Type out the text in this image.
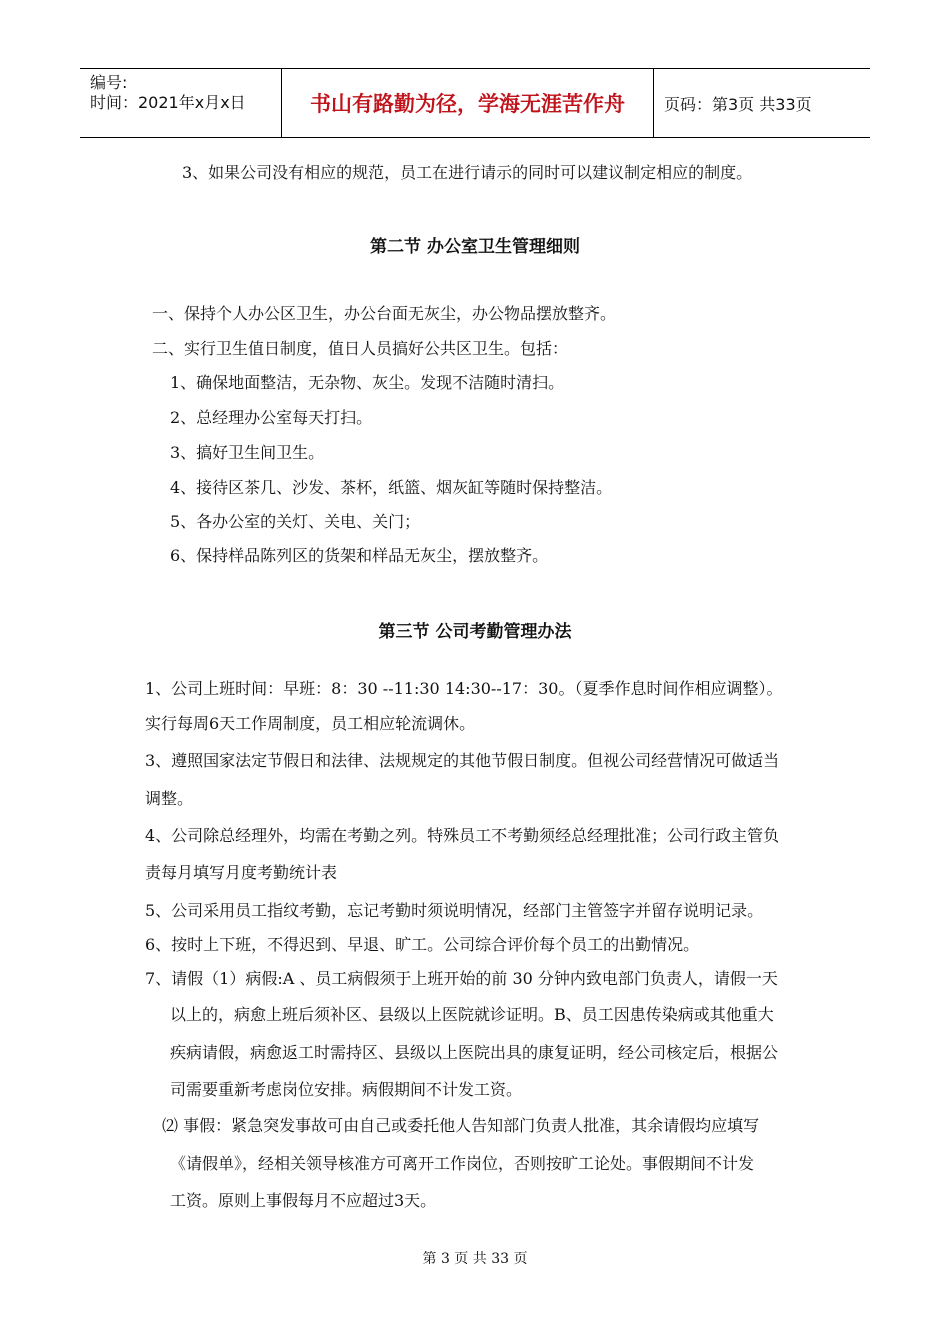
编号:
时间：2021年x月x日	书山有路勤为径，学海无涯苦作舟	页码：第3页 共33页
3、如果公司没有相应的规范，员工在进行请示的同时可以建议制定相应的制度。
第二节 办公室卫生管理细则
一、保持个人办公区卫生，办公台面无灰尘，办公物品摆放整齐。
二、实行卫生值日制度，值日人员搞好公共区卫生。包括：
1、确保地面整洁，无杂物、灰尘。发现不洁随时清扫。
2、总经理办公室每天打扫。
3、搞好卫生间卫生。
4、接待区茶几、沙发、茶杯，纸篮、烟灰缸等随时保持整洁。
5、各办公室的关灯、关电、关门；
6、保持样品陈列区的货架和样品无灰尘，摆放整齐。
第三节 公司考勤管理办法
1、公司上班时间：早班：8：30 --11:30 14:30--17：30。（夏季作息时间作相应调整）。
实行每周6天工作周制度，员工相应轮流调休。
3、遵照国家法定节假日和法律、法规规定的其他节假日制度。但视公司经营情况可做适当
调整。
4、公司除总经理外，均需在考勤之列。特殊员工不考勤须经总经理批准；公司行政主管负
责每月填写月度考勤统计表
5、公司采用员工指纹考勤，忘记考勤时须说明情况，经部门主管签字并留存说明记录。
6、按时上下班，不得迟到、早退、旷工。公司综合评价每个员工的出勤情况。
7、请假（1）病假:A 、员工病假须于上班开始的前 30 分钟内致电部门负责人，请假一天
以上的，病愈上班后须补区、县级以上医院就诊证明。B、员工因患传染病或其他重大
疾病请假，病愈返工时需持区、县级以上医院出具的康复证明，经公司核定后，根据公
司需要重新考虑岗位安排。病假期间不计发工资。
⑵ 事假：紧急突发事故可由自己或委托他人告知部门负责人批准，其余请假均应填写
《请假单》，经相关领导核准方可离开工作岗位，否则按旷工论处。事假期间不计发
工资。原则上事假每月不应超过3天。
第 3 页 共 33 页
